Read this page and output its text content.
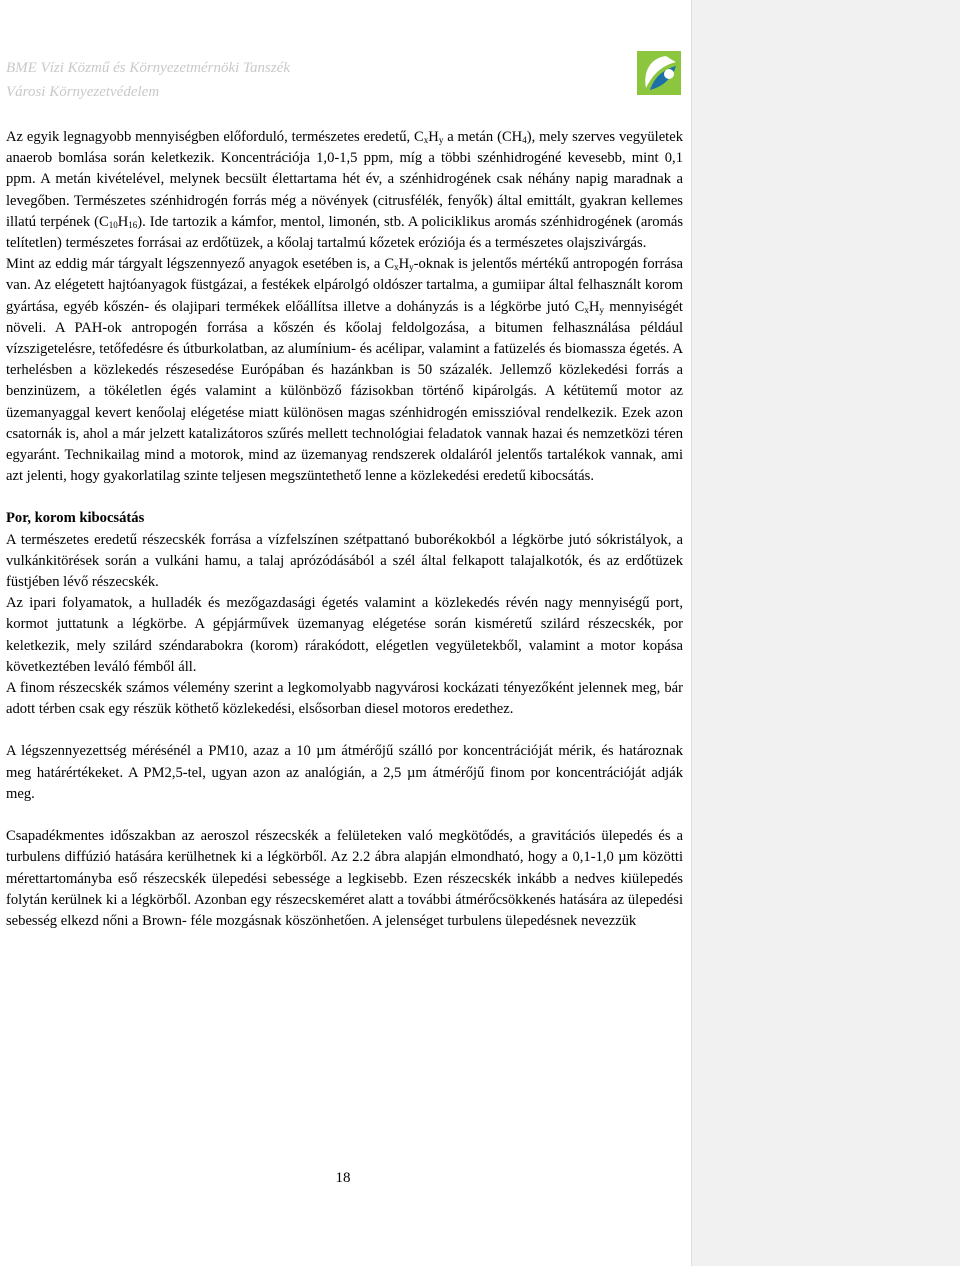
BME Vízi Közmű és Környezetmérnöki Tanszék
Városi Környezetvédelem

Az egyik legnagyobb mennyiségben előforduló, természetes eredetű, $C_xH_y$ a metán $(CH_4)$, mely szerves vegyületek anaerob bomlása során keletkezik. Koncentrációja 1,0-1,5 ppm, míg a többi szénhidrogéné kevesebb, mint 0,1 ppm. A metán kivételével, melynek becsült élettartama hét év, a szénhidrogének csak néhány napig maradnak a levegőben. Természetes szénhidrogén forrás még a növények (citrusfélék, fenyők) által emittált, gyakran kellemes illatú terpének $(C_{10}H_{16})$. Ide tartozik a kámfor, mentol, limonén, stb. A policiklikus aromás szénhidrogének (aromás telítetlen) természetes forrásai az erdőtüzek, a kőolaj tartalmú kőzetek eróziója és a természetes olajszivárgás.

Mint az eddig már tárgyalt légszennyező anyagok esetében is, a $C_xH_y$-oknak is jelentős mértékű antropogén forrása van. Az elégetett hajtóanyagok füstgázai, a festékek elpárolgó oldószer tartalma, a gumiipar által felhasznált korom gyártása, egyéb kőszén- és olajipari termékek előállítsa illetve a dohányzás is a légkörbe jutó $C_xH_y$ mennyiségét növeli. A PAH-ok antropogén forrása a kőszén és kőolaj feldolgozása, a bitumen felhasználása például vízszigetelésre, tetőfedésre és útburkolatban, az alumínium- és acélipar, valamint a fatüzelés és biomassza égetés. A terhelésben a közlekedés részesedése Európában és hazánkban is 50 százalék. Jellemző közlekedési forrás a benzinüzem, a tökéletlen égés valamint a különböző fázisokban történő kipárolgás. A kétütemű motor az üzemanyaggal kevert kenőolaj elégetése miatt különösen magas szénhidrogén emisszióval rendelkezik. Ezek azon csatornák is, ahol a már jelzett katalizátoros szűrés mellett technológiai feladatok vannak hazai és nemzetközi téren egyaránt. Technikailag mind a motorok, mind az üzemanyag rendszerek oldaláról jelentős tartalékok vannak, ami azt jelenti, hogy gyakorlatilag szinte teljesen megszüntethető lenne a közlekedési eredetű kibocsátás.

Por, korom kibocsátás

A természetes eredetű részecskék forrása a vízfelszínen szétpattanó buborékokból a légkörbe jutó sókristályok, a vulkánkitörések során a vulkáni hamu, a talaj aprózódásából a szél által felkapott talajalkotók, és az erdőtüzek füstjében lévő részecskék.

Az ipari folyamatok, a hulladék és mezőgazdasági égetés valamint a közlekedés révén nagy mennyiségű port, kormot juttatunk a légkörbe. A gépjárművek üzemanyag elégetése során kisméretű szilárd részecskék, por keletkezik, mely szilárd széndarabokra (korom) rárakódott, elégetlen vegyületekből, valamint a motor kopása következtében leváló fémből áll.

A finom részecskék számos vélemény szerint a legkomolyabb nagyvárosi kockázati tényezőként jelennek meg, bár adott térben csak egy részük köthető közlekedési, elsősorban diesel motoros eredethez.

A légszennyezettség mérésénél a PM10, azaz a 10 µm átmérőjű szálló por koncentrációját mérik, és határoznak meg határértékeket. A PM2,5-tel, ugyan azon az analógián, a 2,5 µm átmérőjű finom por koncentrációját adják meg.

Csapadékmentes időszakban az aeroszol részecskék a felületeken való megkötődés, a gravitációs ülepedés és a turbulens diffúzió hatására kerülhetnek ki a légkörből. Az 2.2 ábra alapján elmondható, hogy a 0,1-1,0 µm közötti mérettartományba eső részecskék ülepedési sebessége a legkisebb. Ezen részecskék inkább a nedves kiülepedés folytán kerülnek ki a légkörből. Azonban egy részecskeméret alatt a további átmérőcsökkenés hatására az ülepedési sebesség elkezd nőni a Brown- féle mozgásnak köszönhetően. A jelenséget turbulens ülepedésnek nevezzük

18
